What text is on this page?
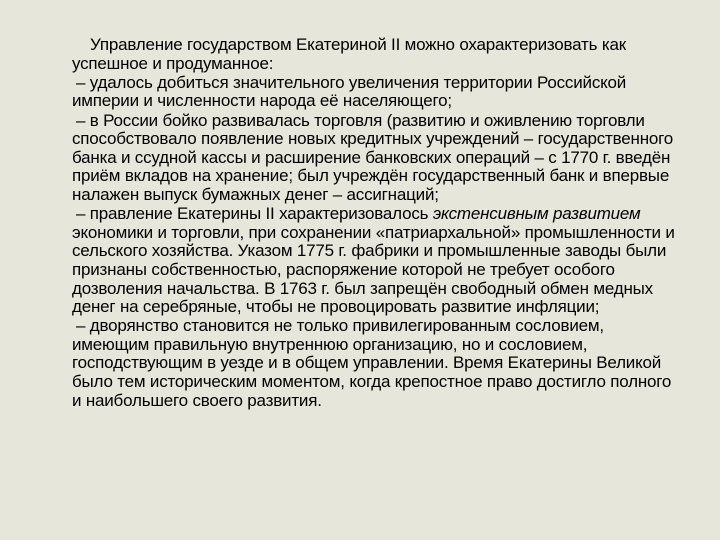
Управление государством Екатериной II можно охарактеризовать как успешное и продуманное:

– удалось добиться значительного увеличения территории Российской империи и численности народа её населяющего;

– в России бойко развивалась торговля (развитию и оживлению торговли способствовало появление новых кредитных учреждений – государственного банка и ссудной кассы и расширение банковских операций – с 1770 г. введён приём вкладов на хранение; был учреждён государственный банк и впервые налажен выпуск бумажных денег – ассигнаций;

– правление Екатерины II характеризовалось экстенсивным развитием экономики и торговли, при сохранении «патриархальной» промышленности и сельского хозяйства. Указом 1775 г. фабрики и промышленные заводы были признаны собственностью, распоряжение которой не требует особого дозволения начальства. В 1763 г. был запрещён свободный обмен медных денег на серебряные, чтобы не провоцировать развитие инфляции;

– дворянство становится не только привилегированным сословием, имеющим правильную внутреннюю организацию, но и сословием, господствующим в уезде и в общем управлении. Время Екатерины Великой было тем историческим моментом, когда крепостное право достигло полного и наибольшего своего развития.
